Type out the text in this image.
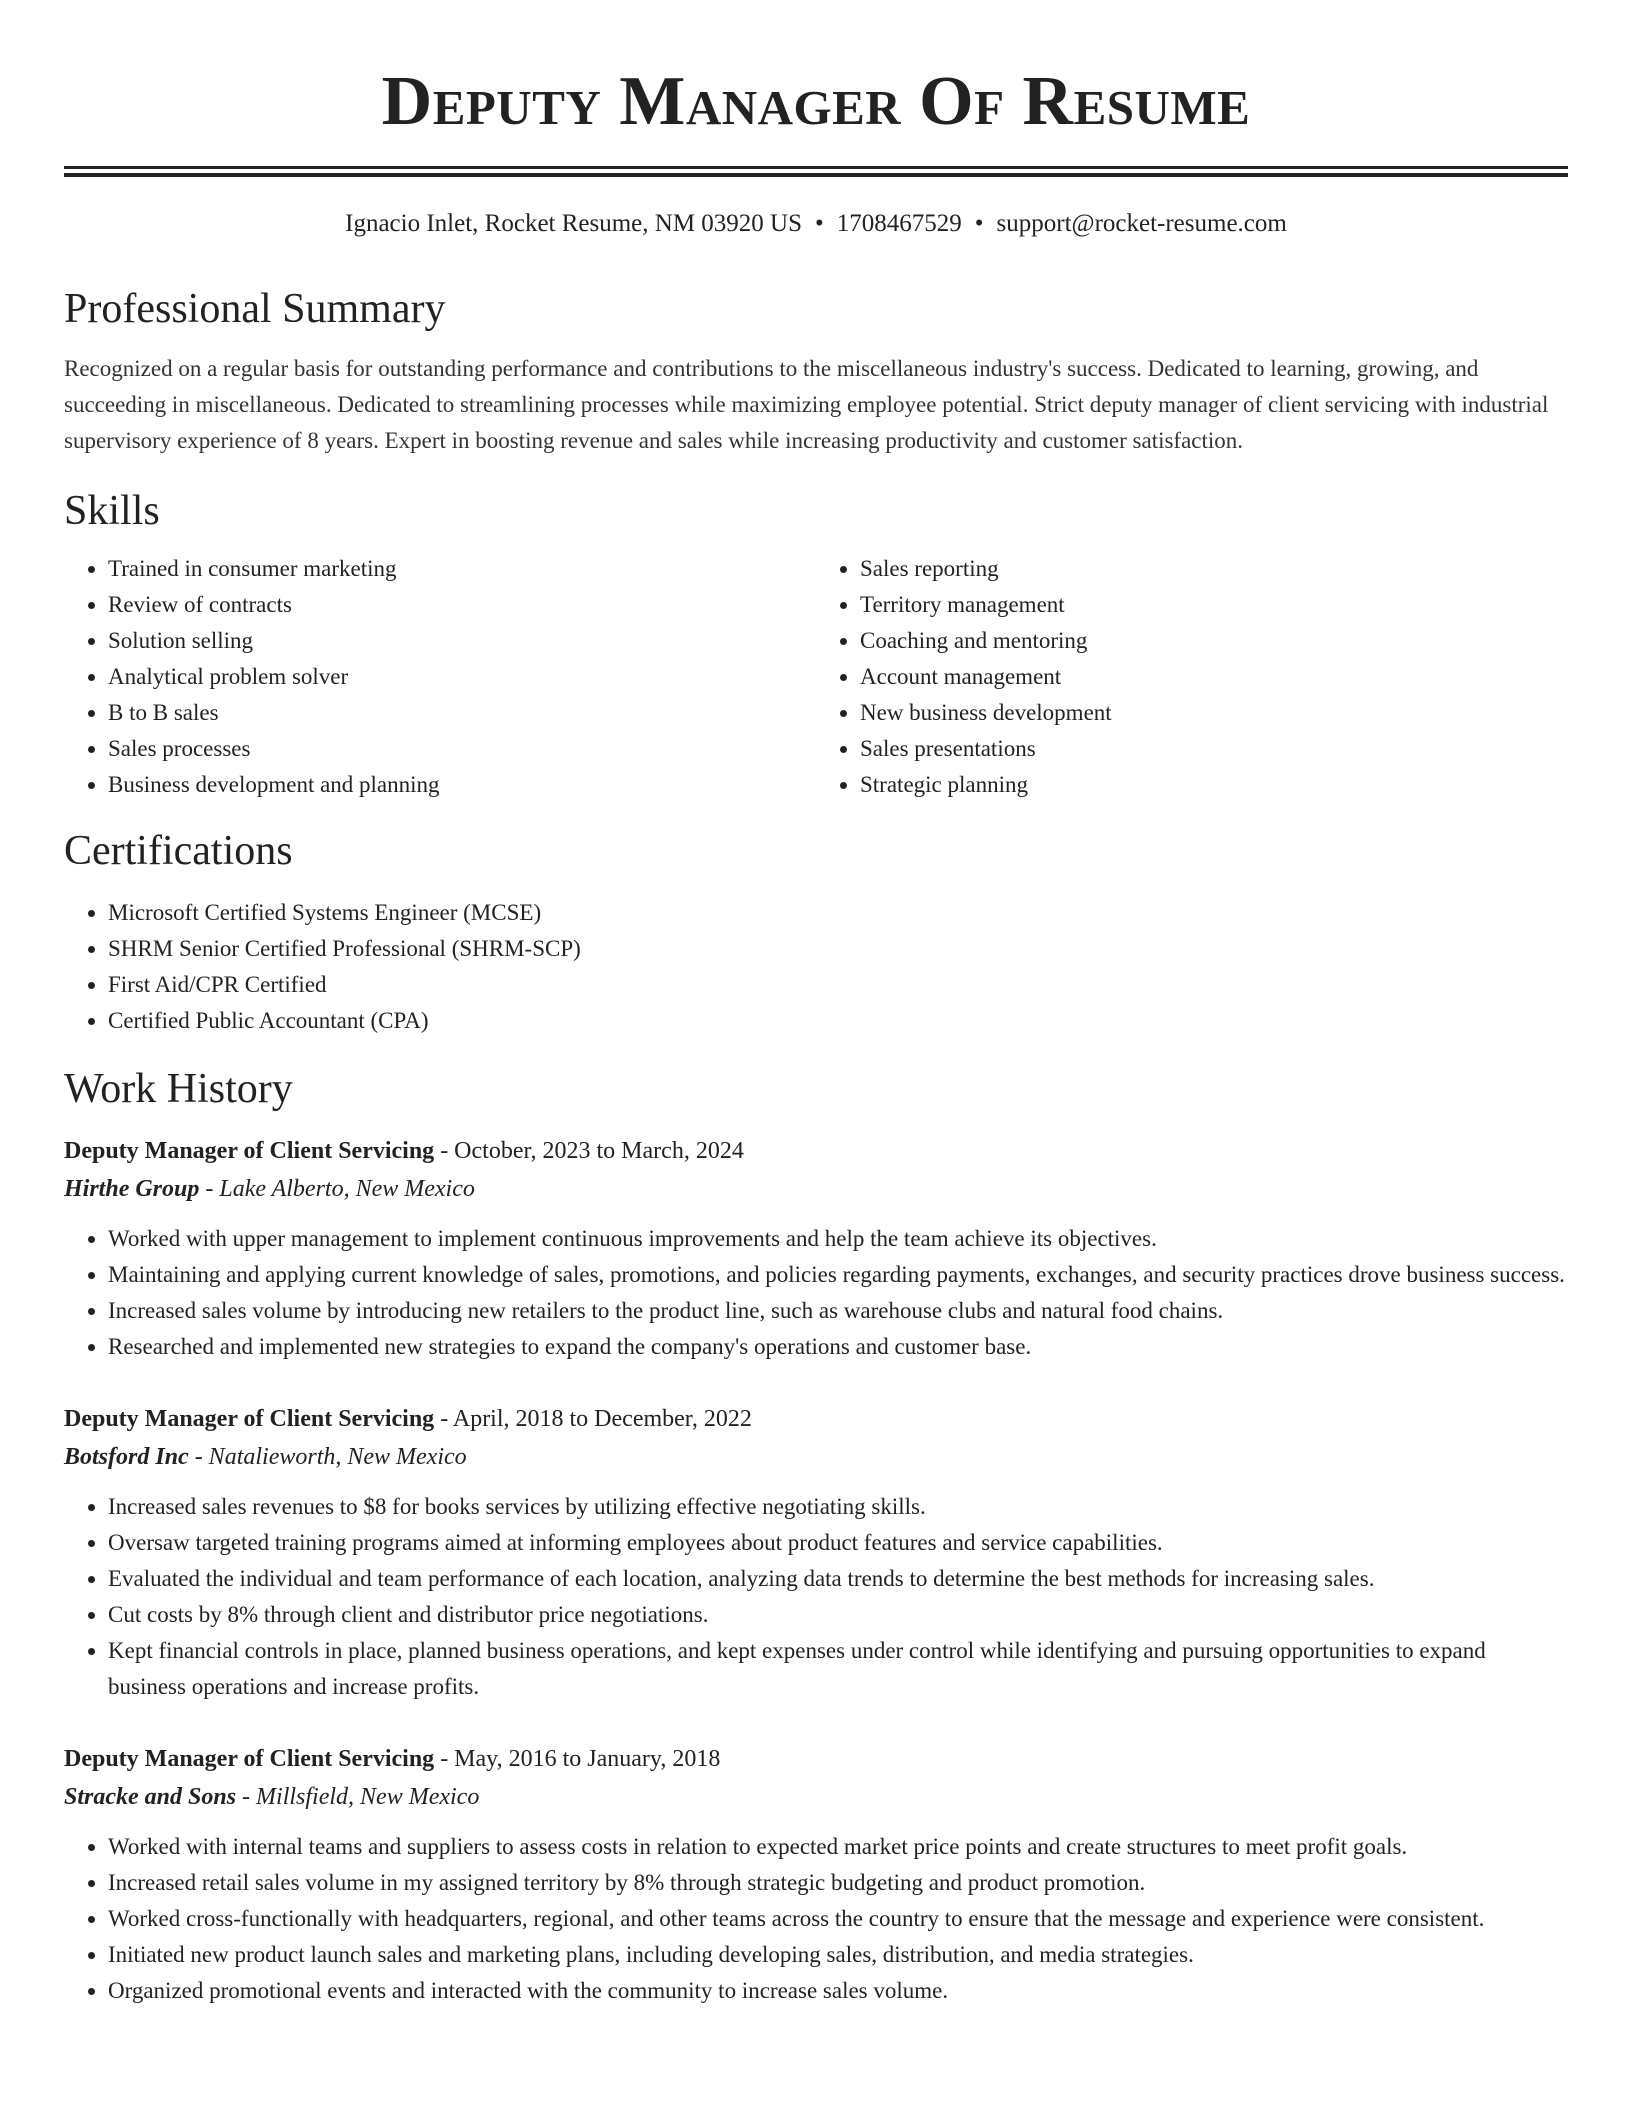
Deputy Manager Of Resume
Ignacio Inlet, Rocket Resume, NM 03920 US • 1708467529 • support@rocket-resume.com
Professional Summary
Recognized on a regular basis for outstanding performance and contributions to the miscellaneous industry's success. Dedicated to learning, growing, and succeeding in miscellaneous. Dedicated to streamlining processes while maximizing employee potential. Strict deputy manager of client servicing with industrial supervisory experience of 8 years. Expert in boosting revenue and sales while increasing productivity and customer satisfaction.
Skills
• Trained in consumer marketing
• Review of contracts
• Solution selling
• Analytical problem solver
• B to B sales
• Sales processes
• Business development and planning
• Sales reporting
• Territory management
• Coaching and mentoring
• Account management
• New business development
• Sales presentations
• Strategic planning
Certifications
• Microsoft Certified Systems Engineer (MCSE)
• SHRM Senior Certified Professional (SHRM-SCP)
• First Aid/CPR Certified
• Certified Public Accountant (CPA)
Work History
Deputy Manager of Client Servicing - October, 2023 to March, 2024
Hirthe Group - Lake Alberto, New Mexico
• Worked with upper management to implement continuous improvements and help the team achieve its objectives.
• Maintaining and applying current knowledge of sales, promotions, and policies regarding payments, exchanges, and security practices drove business success.
• Increased sales volume by introducing new retailers to the product line, such as warehouse clubs and natural food chains.
• Researched and implemented new strategies to expand the company's operations and customer base.
Deputy Manager of Client Servicing - April, 2018 to December, 2022
Botsford Inc - Natalieworth, New Mexico
• Increased sales revenues to $8 for books services by utilizing effective negotiating skills.
• Oversaw targeted training programs aimed at informing employees about product features and service capabilities.
• Evaluated the individual and team performance of each location, analyzing data trends to determine the best methods for increasing sales.
• Cut costs by 8% through client and distributor price negotiations.
• Kept financial controls in place, planned business operations, and kept expenses under control while identifying and pursuing opportunities to expand business operations and increase profits.
Deputy Manager of Client Servicing - May, 2016 to January, 2018
Stracke and Sons - Millsfield, New Mexico
• Worked with internal teams and suppliers to assess costs in relation to expected market price points and create structures to meet profit goals.
• Increased retail sales volume in my assigned territory by 8% through strategic budgeting and product promotion.
• Worked cross-functionally with headquarters, regional, and other teams across the country to ensure that the message and experience were consistent.
• Initiated new product launch sales and marketing plans, including developing sales, distribution, and media strategies.
• Organized promotional events and interacted with the community to increase sales volume.
